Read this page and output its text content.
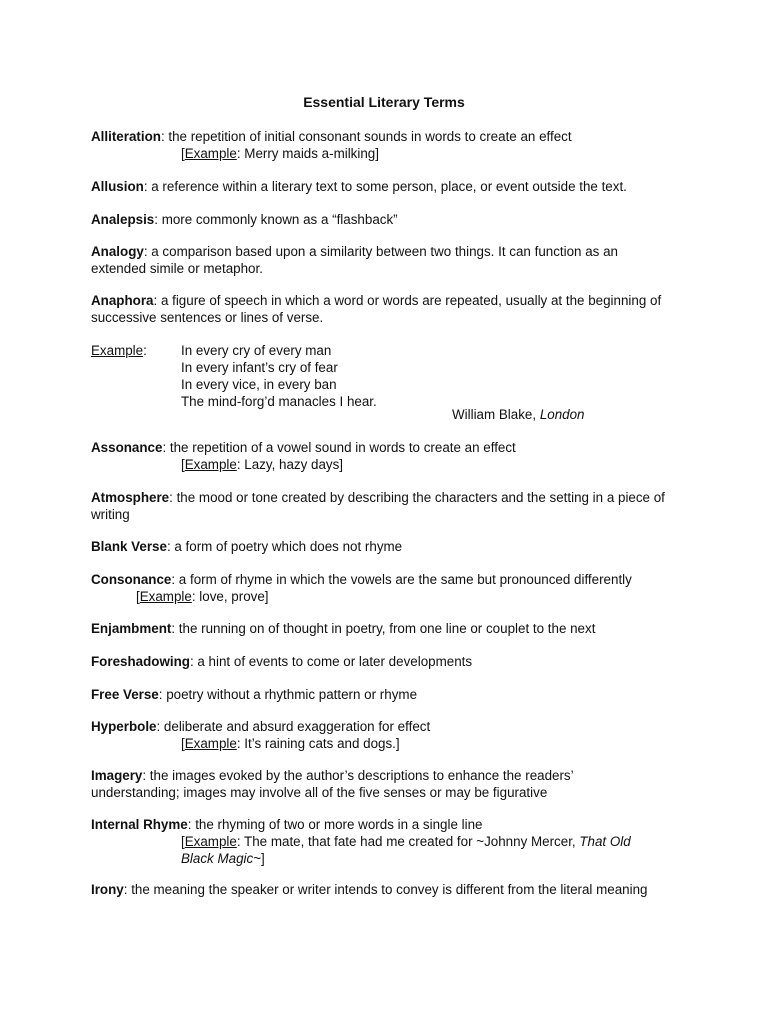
Essential Literary Terms
Alliteration: the repetition of initial consonant sounds in words to create an effect
[Example: Merry maids a-milking]
Allusion: a reference within a literary text to some person, place, or event outside the text.
Analepsis: more commonly known as a “flashback”
Analogy: a comparison based upon a similarity between two things. It can function as an extended simile or metaphor.
Anaphora: a figure of speech in which a word or words are repeated, usually at the beginning of successive sentences or lines of verse.
Example:	In every cry of every man
In every infant’s cry of fear
In every vice, in every ban
The mind-forg’d manacles I hear.
William Blake, London
Assonance: the repetition of a vowel sound in words to create an effect
[Example: Lazy, hazy days]
Atmosphere: the mood or tone created by describing the characters and the setting in a piece of writing
Blank Verse: a form of poetry which does not rhyme
Consonance: a form of rhyme in which the vowels are the same but pronounced differently
[Example: love, prove]
Enjambment: the running on of thought in poetry, from one line or couplet to the next
Foreshadowing: a hint of events to come or later developments
Free Verse: poetry without a rhythmic pattern or rhyme
Hyperbole: deliberate and absurd exaggeration for effect
[Example: It’s raining cats and dogs.]
Imagery: the images evoked by the author’s descriptions to enhance the readers’ understanding; images may involve all of the five senses or may be figurative
Internal Rhyme: the rhyming of two or more words in a single line
[Example: The mate, that fate had me created for ~Johnny Mercer, That Old Black Magic~]
Irony: the meaning the speaker or writer intends to convey is different from the literal meaning
